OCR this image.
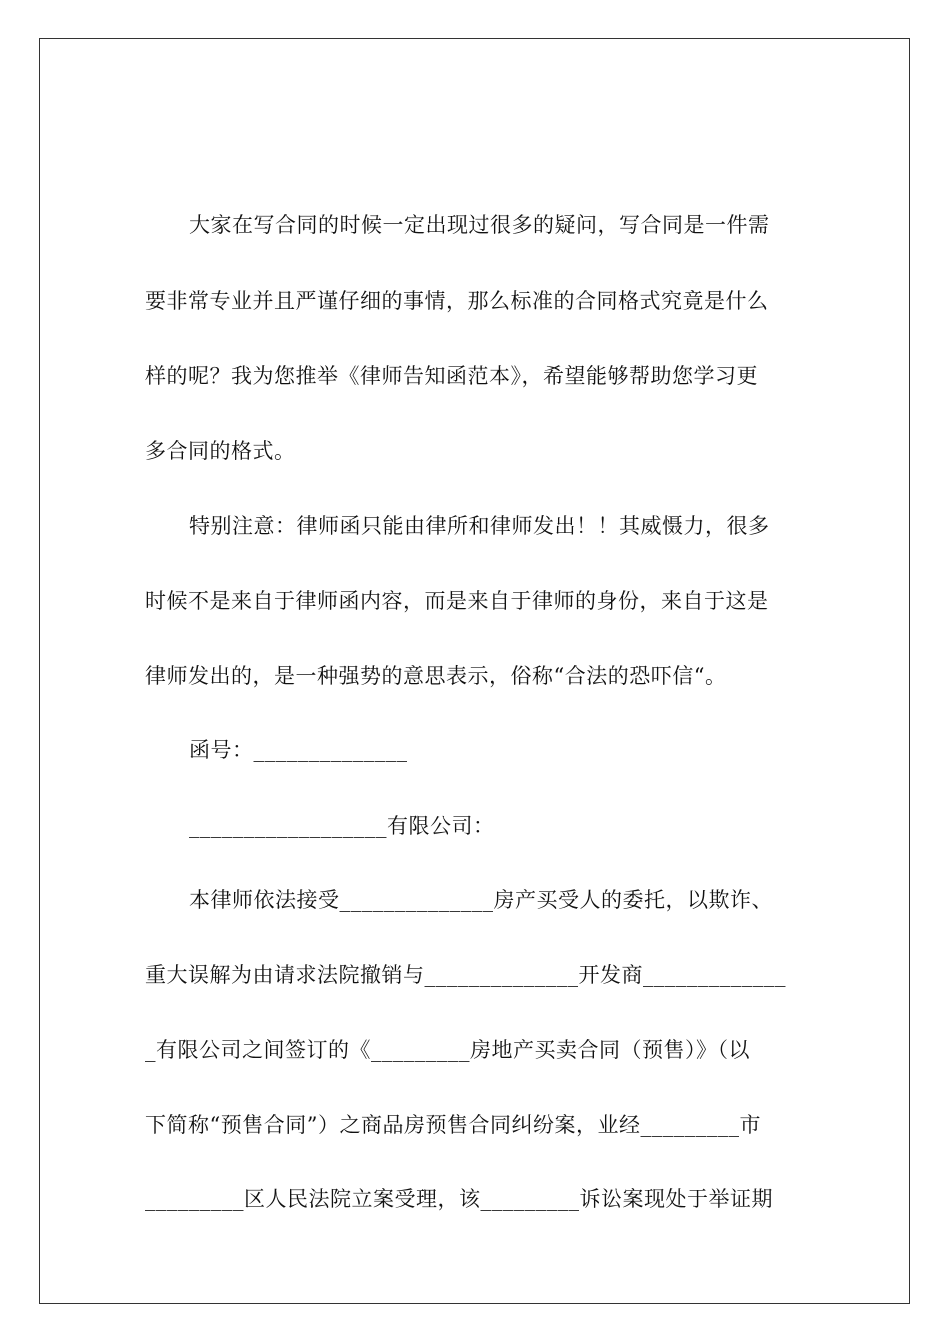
大家在写合同的时候一定出现过很多的疑问，写合同是一件需
要非常专业并且严谨仔细的事情，那么标准的合同格式究竟是什么
样的呢？我为您推举《律师告知函范本》，希望能够帮助您学习更
多合同的格式。
特别注意：律师函只能由律所和律师发出！！其威慑力，很多
时候不是来自于律师函内容，而是来自于律师的身份，来自于这是
律师发出的，是一种强势的意思表示，俗称“合法的恐吓信“。
函号：______________
__________________有限公司：
本律师依法接受______________房产买受人的委托，以欺诈、
重大误解为由请求法院撤销与______________开发商_____________
_有限公司之间签订的《_________房地产买卖合同（预售）》（以
下简称“预售合同”）之商品房预售合同纠纷案，业经_________市
_________区人民法院立案受理，该_________诉讼案现处于举证期
